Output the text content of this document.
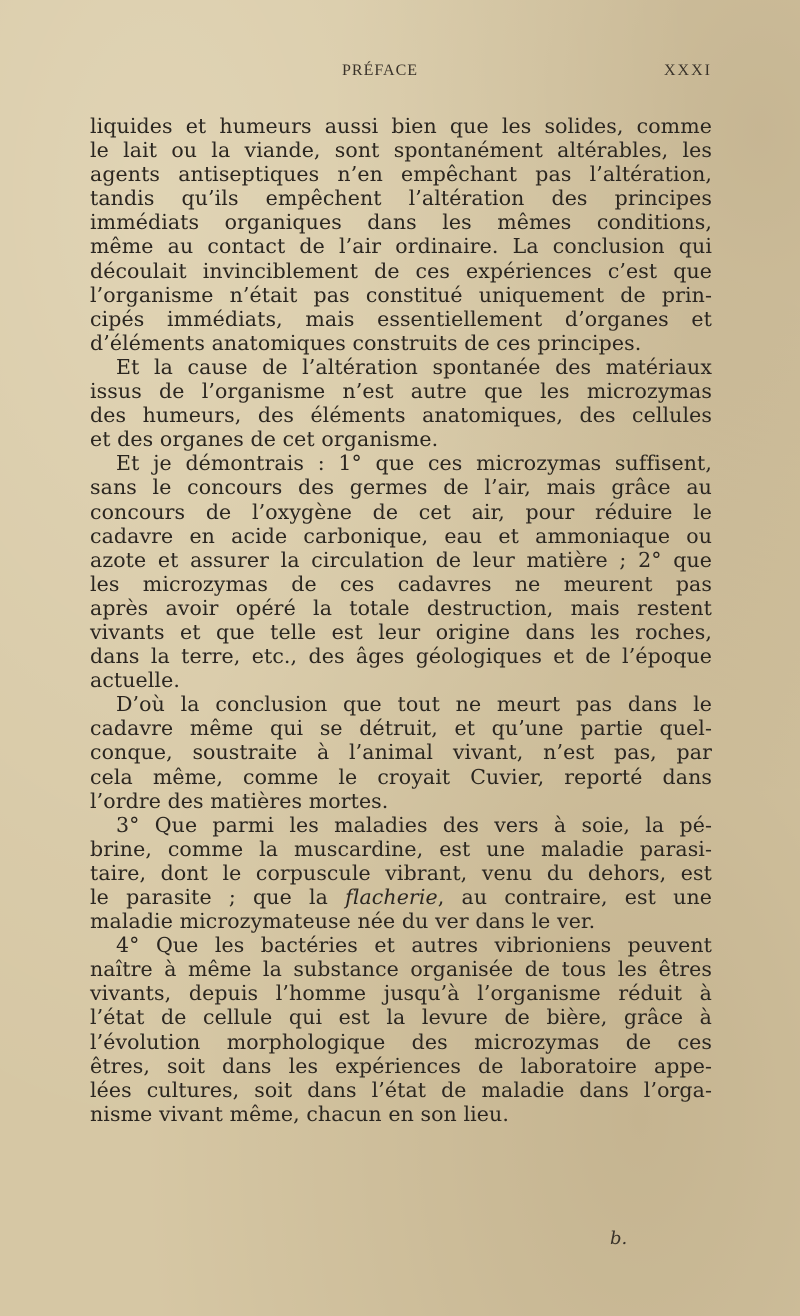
PRÉFACE	XXXI
liquides et humeurs aussi bien que les solides, comme
le lait ou la viande, sont spontanément altérables, les
agents antiseptiques n’en empêchant pas l’altération,
tandis qu’ils empêchent l’altération des principes
immédiats organiques dans les mêmes conditions,
même au contact de l’air ordinaire. La conclusion qui
découlait invinciblement de ces expériences c’est que
l’organisme n’était pas constitué uniquement de prin-
cipés immédiats, mais essentiellement d’organes et
d’éléments anatomiques construits de ces principes.
Et la cause de l’altération spontanée des matériaux
issus de l’organisme n’est autre que les microzymas
des humeurs, des éléments anatomiques, des cellules
et des organes de cet organisme.
Et je démontrais : 1° que ces microzymas suffisent,
sans le concours des germes de l’air, mais grâce au
concours de l’oxygène de cet air, pour réduire le
cadavre en acide carbonique, eau et ammoniaque ou
azote et assurer la circulation de leur matière ; 2° que
les microzymas de ces cadavres ne meurent pas
après avoir opéré la totale destruction, mais restent
vivants et que telle est leur origine dans les roches,
dans la terre, etc., des âges géologiques et de l’époque
actuelle.
D’où la conclusion que tout ne meurt pas dans le
cadavre même qui se détruit, et qu’une partie quel-
conque, soustraite à l’animal vivant, n’est pas, par
cela même, comme le croyait Cuvier, reporté dans
l’ordre des matières mortes.
3° Que parmi les maladies des vers à soie, la pé-
brine, comme la muscardine, est une maladie parasi-
taire, dont le corpuscule vibrant, venu du dehors, est
le parasite ; que la flacherie, au contraire, est une
maladie microzymateuse née du ver dans le ver.
4° Que les bactéries et autres vibrioniens peuvent
naître à même la substance organisée de tous les êtres
vivants, depuis l’homme jusqu’à l’organisme réduit à
l’état de cellule qui est la levure de bière, grâce à
l’évolution morphologique des microzymas de ces
êtres, soit dans les expériences de laboratoire appe-
lées cultures, soit dans l’état de maladie dans l’orga-
nisme vivant même, chacun en son lieu.
b.
